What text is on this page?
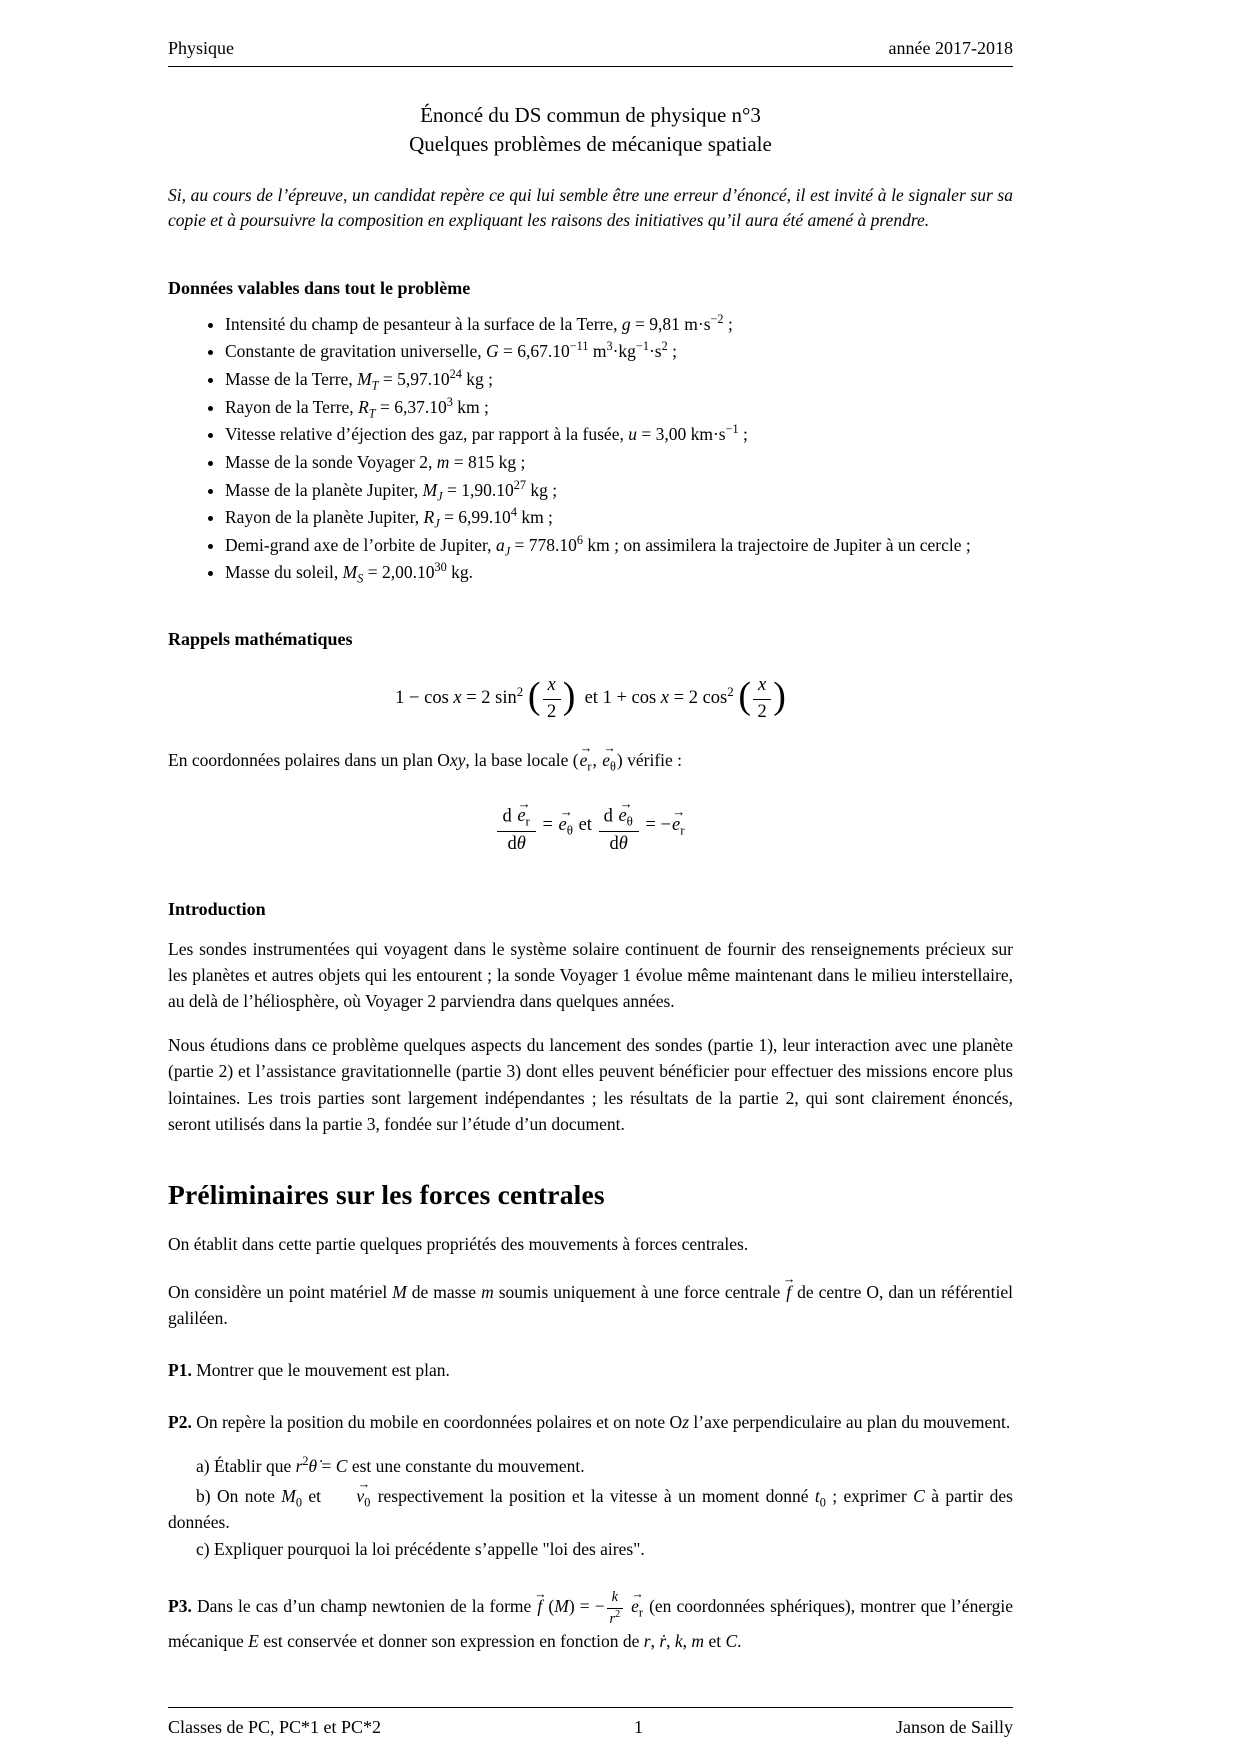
Physique	année 2017-2018
Énoncé du DS commun de physique n°3
Quelques problèmes de mécanique spatiale

Si, au cours de l’épreuve, un candidat repère ce qui lui semble être une erreur d’énoncé, il est invité à le signaler sur sa copie et à poursuivre la composition en expliquant les raisons des initiatives qu’il aura été amené à prendre.

Données valables dans tout le problème
• Intensité du champ de pesanteur à la surface de la Terre, g = 9,81 $m\cdot s^{-2}$ ;
• Constante de gravitation universelle, $G = 6,67.10^{-11}$ $m^3\cdot kg^{-1}\cdot s^2$ ;
• Masse de la Terre, $M_T = 5,97.10^{24}$ kg ;
• Rayon de la Terre, $R_T = 6,37.10^3$ km ;
• Vitesse relative d’éjection des gaz, par rapport à la fusée, u = 3,00 $km\cdot s^{-1}$ ;
• Masse de la sonde Voyager 2, m = 815 kg ;
• Masse de la planète Jupiter, $M_J = 1,90.10^{27}$ kg ;
• Rayon de la planète Jupiter, $R_J = 6,99.10^4$ km ;
• Demi-grand axe de l’orbite de Jupiter, $a_J = 778.10^6$ km ; on assimilera la trajectoire de Jupiter à un cercle ;
• Masse du soleil, $M_S = 2,00.10^{30}$ kg.
Rappels mathématiques
1 − cos x = 2 $\sin^2$ ( $\frac{x}{2}$ )  et 1 + cos x = 2 $\cos^2$ ( $\frac{x}{2}$ )

En coordonnées polaires dans un plan Oxy, la base locale (→ $e_r$, → $e_\theta$) vérifie :

$\frac{d \to e_r}{d\theta}$ = → $e_\theta$ et $\frac{d \to e_\theta}{d\theta}$ = −→ $e_r$
Introduction

Les sondes instrumentées qui voyagent dans le système solaire continuent de fournir des renseignements précieux sur les planètes et autres objets qui les entourent ; la sonde Voyager 1 évolue même maintenant dans le milieu interstellaire, au delà de l’héliosphère, où Voyager 2 parviendra dans quelques années.

Nous étudions dans ce problème quelques aspects du lancement des sondes (partie 1), leur interaction avec une planète (partie 2) et l’assistance gravitationnelle (partie 3) dont elles peuvent bénéficier pour effectuer des missions encore plus lointaines. Les trois parties sont largement indépendantes ; les résultats de la partie 2, qui sont clairement énoncés, seront utilisés dans la partie 3, fondée sur l’étude d’un document.

Préliminaires sur les forces centrales

On établit dans cette partie quelques propriétés des mouvements à forces centrales.

On considère un point matériel M de masse m soumis uniquement à une force centrale → f de centre O, dan un référentiel galiléen.

P1. Montrer que le mouvement est plan.

P2. On repère la position du mobile en coordonnées polaires et on note Oz l’axe perpendiculaire au plan du mouvement.

a) Établir que $r^2\thetȧ = C$ est une constante du mouvement.

b) On note $M_0$ et → $v_0$ respectivement la position et la vitesse à un moment donné $t_0$ ; exprimer C à partir des données.

c) Expliquer pourquoi la loi précédente s’appelle "loi des aires".

P3. Dans le cas d’un champ newtonien de la forme → f (M) = − $\frac{k}{r^2} \to e_r$ (en coordonnées sphériques), montrer que l’énergie mécanique E est conservée et donner son expression en fonction de r, ṙ, k, m et C.

Classes de PC, PC*1 et PC*2	1	Janson de Sailly
